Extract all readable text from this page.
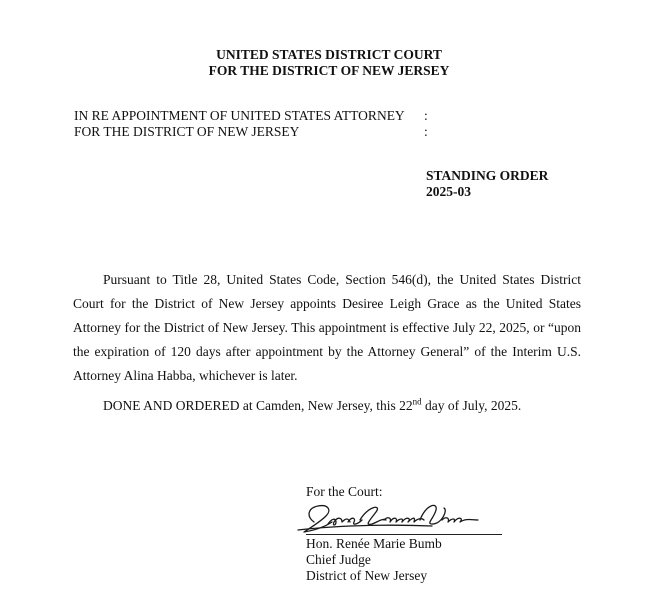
UNITED STATES DISTRICT COURT
FOR THE DISTRICT OF NEW JERSEY
IN RE APPOINTMENT OF UNITED STATES ATTORNEY :
FOR THE DISTRICT OF NEW JERSEY	:
STANDING ORDER
2025-03

Pursuant to Title 28, United States Code, Section 546(d), the United States District Court for the District of New Jersey appoints Desiree Leigh Grace as the United States Attorney for the District of New Jersey. This appointment is effective July 22, 2025, or “upon the expiration of 120 days after appointment by the Attorney General” of the Interim U.S. Attorney Alina Habba, whichever is later.

DONE AND ORDERED at Camden, New Jersey, this 22nd day of July, 2025.

For the Court:
Hon. Renée Marie Bumb
Chief Judge
District of New Jersey
